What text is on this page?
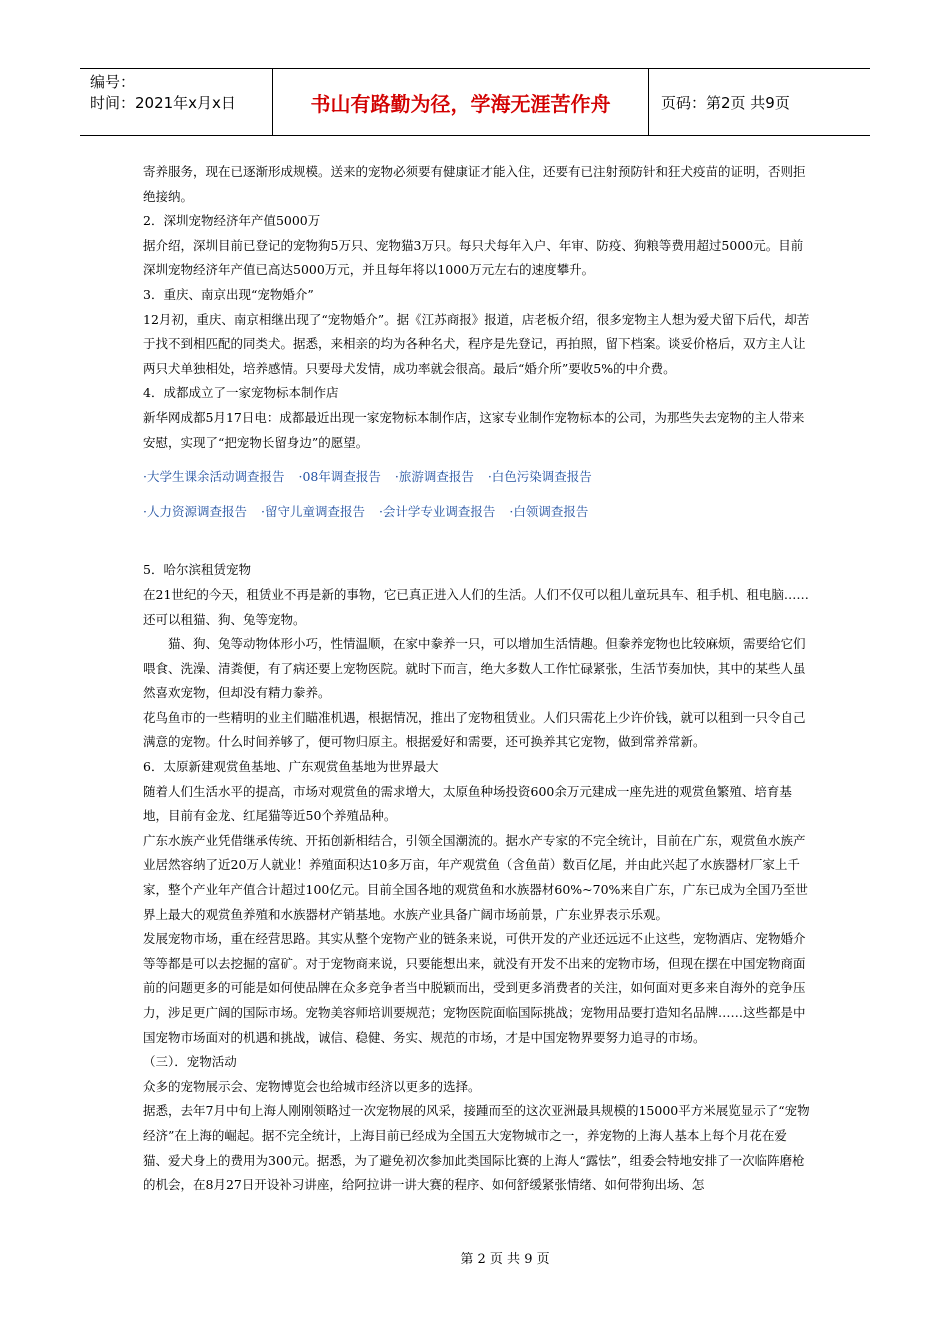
编号：
时间：2021年x月x日	书山有路勤为径，学海无涯苦作舟	页码：第2页 共9页

寄养服务，现在已逐渐形成规模。送来的宠物必须要有健康证才能入住，还要有已注射预防针和狂犬疫苗的证明，否则拒绝接纳。

2．深圳宠物经济年产值5000万

据介绍，深圳目前已登记的宠物狗5万只、宠物猫3万只。每只犬每年入户、年审、防疫、狗粮等费用超过5000元。目前深圳宠物经济年产值已高达5000万元，并且每年将以1000万元左右的速度攀升。

3．重庆、南京出现“宠物婚介”

12月初，重庆、南京相继出现了“宠物婚介”。据《江苏商报》报道，店老板介绍，很多宠物主人想为爱犬留下后代，却苦于找不到相匹配的同类犬。据悉，来相亲的均为各种名犬，程序是先登记，再拍照，留下档案。谈妥价格后，双方主人让两只犬单独相处，培养感情。只要母犬发情，成功率就会很高。最后“婚介所”要收5%的中介费。

4．成都成立了一家宠物标本制作店

新华网成都5月17日电：成都最近出现一家宠物标本制作店，这家专业制作宠物标本的公司，为那些失去宠物的主人带来安慰，实现了“把宠物长留身边”的愿望。

·大学生课余活动调查报告 ·08年调查报告 ·旅游调查报告 ·白色污染调查报告

·人力资源调查报告 ·留守儿童调查报告 ·会计学专业调查报告 ·白领调查报告

5．哈尔滨租赁宠物

在21世纪的今天，租赁业不再是新的事物，它已真正进入人们的生活。人们不仅可以租儿童玩具车、租手机、租电脑……还可以租猫、狗、兔等宠物。

猫、狗、兔等动物体形小巧，性情温顺，在家中豢养一只，可以增加生活情趣。但豢养宠物也比较麻烦，需要给它们喂食、洗澡、清粪便，有了病还要上宠物医院。就时下而言，绝大多数人工作忙碌紧张，生活节奏加快，其中的某些人虽然喜欢宠物，但却没有精力豢养。

花鸟鱼市的一些精明的业主们瞄准机遇，根据情况，推出了宠物租赁业。人们只需花上少许价钱，就可以租到一只令自己满意的宠物。什么时间养够了，便可物归原主。根据爱好和需要，还可换养其它宠物，做到常养常新。

6．太原新建观赏鱼基地、广东观赏鱼基地为世界最大

随着人们生活水平的提高，市场对观赏鱼的需求增大，太原鱼种场投资600余万元建成一座先进的观赏鱼繁殖、培育基地，目前有金龙、红尾猫等近50个养殖品种。

广东水族产业凭借继承传统、开拓创新相结合，引领全国潮流的。据水产专家的不完全统计，目前在广东，观赏鱼水族产业居然容纳了近20万人就业！养殖面积达10多万亩，年产观赏鱼（含鱼苗）数百亿尾，并由此兴起了水族器材厂家上千家，整个产业年产值合计超过100亿元。目前全国各地的观赏鱼和水族器材60%~70%来自广东，广东已成为全国乃至世界上最大的观赏鱼养殖和水族器材产销基地。水族产业具备广阔市场前景，广东业界表示乐观。

发展宠物市场，重在经营思路。其实从整个宠物产业的链条来说，可供开发的产业还远远不止这些，宠物酒店、宠物婚介等等都是可以去挖掘的富矿。对于宠物商来说，只要能想出来，就没有开发不出来的宠物市场，但现在摆在中国宠物商面前的问题更多的可能是如何使品牌在众多竞争者当中脱颖而出，受到更多消费者的关注，如何面对更多来自海外的竞争压力，涉足更广阔的国际市场。宠物美容师培训要规范；宠物医院面临国际挑战；宠物用品要打造知名品牌……这些都是中国宠物市场面对的机遇和挑战，诚信、稳健、务实、规范的市场，才是中国宠物界要努力追寻的市场。

（三）．宠物活动

众多的宠物展示会、宠物博览会也给城市经济以更多的选择。

据悉，去年7月中旬上海人刚刚领略过一次宠物展的风采，接踵而至的这次亚洲最具规模的15000平方米展览显示了“宠物经济”在上海的崛起。据不完全统计，上海目前已经成为全国五大宠物城市之一，养宠物的上海人基本上每个月花在爱猫、爱犬身上的费用为300元。据悉，为了避免初次参加此类国际比赛的上海人“露怯”，组委会特地安排了一次临阵磨枪的机会，在8月27日开设补习讲座，给阿拉讲一讲大赛的程序、如何舒缓紧张情绪、如何带狗出场、怎

第 2 页 共 9 页
